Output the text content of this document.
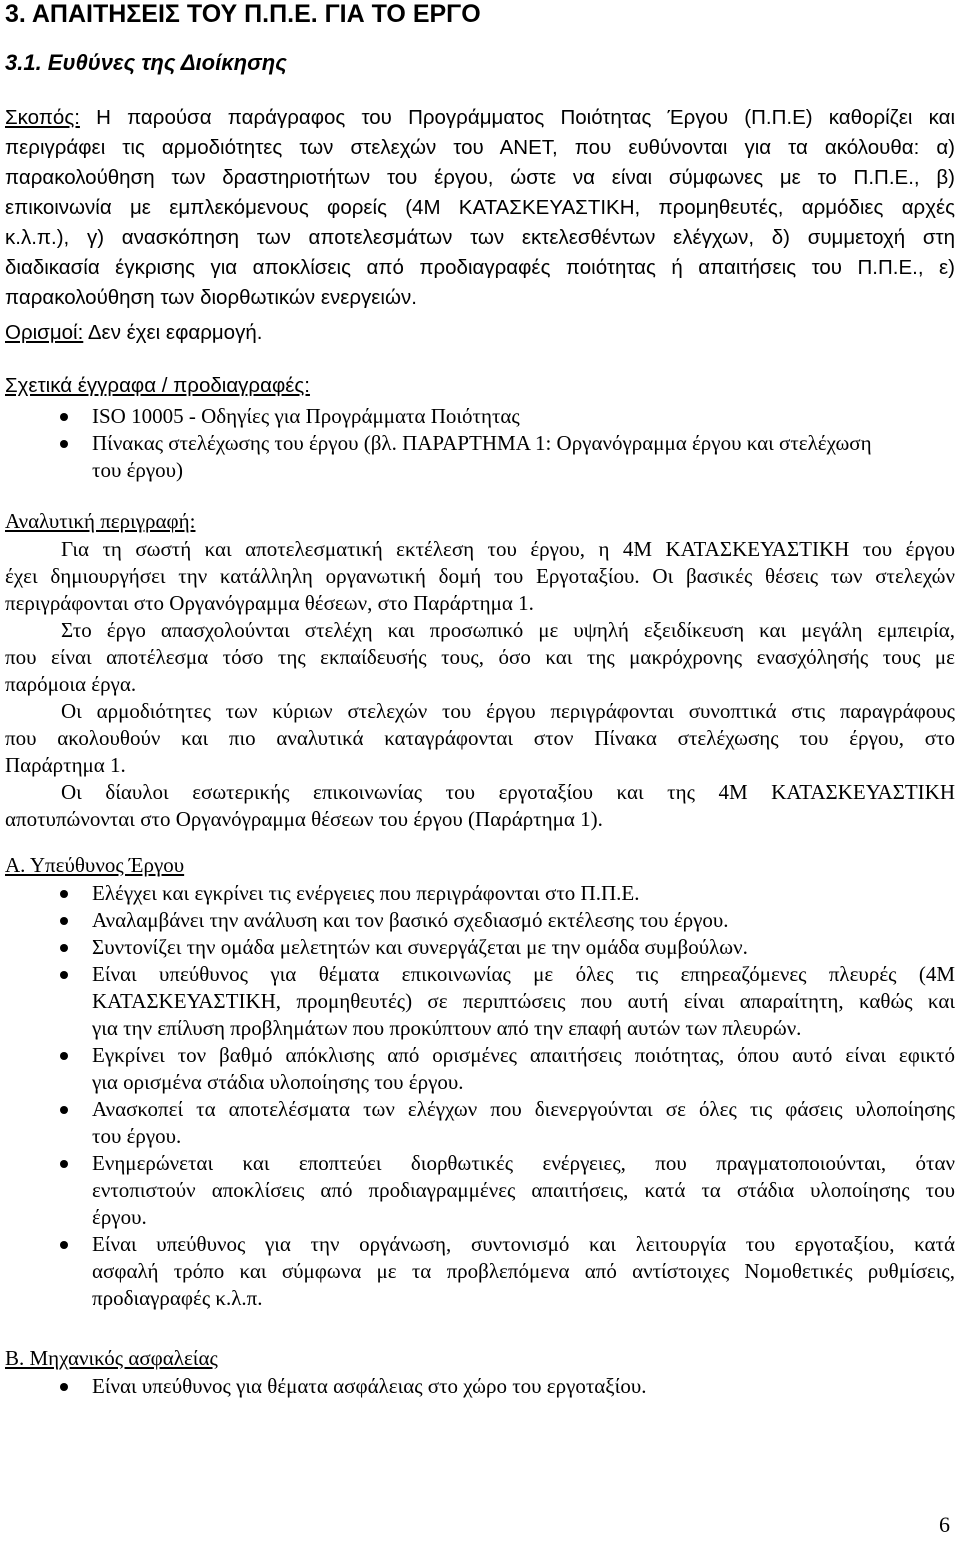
3. ΑΠΑΙΤΗΣΕΙΣ ΤΟΥ Π.Π.Ε. ΓΙΑ ΤΟ ΕΡΓΟ
3.1. Ευθύνες της Διοίκησης
Σκοπός: Η παρούσα παράγραφος του Προγράμματος Ποιότητας Έργου (Π.Π.Ε) καθορίζει και
περιγράφει τις αρμοδιότητες των στελεχών του ΑΝΕΤ, που ευθύνονται για τα ακόλουθα: α)
παρακολούθηση των δραστηριοτήτων του έργου, ώστε να είναι σύμφωνες με το Π.Π.Ε., β)
επικοινωνία με εμπλεκόμενους φορείς (4Μ ΚΑΤΑΣΚΕΥΑΣΤΙΚΗ, προμηθευτές, αρμόδιες αρχές
κ.λ.π.), γ) ανασκόπηση των αποτελεσμάτων των εκτελεσθέντων ελέγχων, δ) συμμετοχή στη
διαδικασία έγκρισης για αποκλίσεις από προδιαγραφές ποιότητας ή απαιτήσεις του Π.Π.Ε., ε)
παρακολούθηση των διορθωτικών ενεργειών.
Ορισμοί: Δεν έχει εφαρμογή.
Σχετικά έγγραφα / προδιαγραφές:
ISO 10005 - Οδηγίες για Προγράμματα Ποιότητας
Πίνακας στελέχωσης του έργου (βλ. ΠΑΡΑΡΤΗΜΑ 1: Οργανόγραμμα έργου και στελέχωση
του έργου)
Αναλυτική περιγραφή:
Για τη σωστή και αποτελεσματική εκτέλεση του έργου, η 4Μ ΚΑΤΑΣΚΕΥΑΣΤΙΚΗ του έργου
έχει δημιουργήσει την κατάλληλη οργανωτική δομή του Εργοταξίου. Οι βασικές θέσεις των στελεχών
περιγράφονται στο Οργανόγραμμα θέσεων, στο Παράρτημα 1.
Στο έργο απασχολούνται στελέχη και προσωπικό με υψηλή εξειδίκευση και μεγάλη εμπειρία,
που είναι αποτέλεσμα τόσο της εκπαίδευσής τους, όσο και της μακρόχρονης ενασχόλησής τους με
παρόμοια έργα.
Οι αρμοδιότητες των κύριων στελεχών του έργου περιγράφονται συνοπτικά στις παραγράφους
που ακολουθούν και πιο αναλυτικά καταγράφονται στον Πίνακα στελέχωσης του έργου, στο
Παράρτημα 1.
Οι δίαυλοι εσωτερικής επικοινωνίας του εργοταξίου και της 4Μ ΚΑΤΑΣΚΕΥΑΣΤΙΚΗ
αποτυπώνονται στο Οργανόγραμμα θέσεων του έργου (Παράρτημα 1).
Α. Υπεύθυνος Έργου
Ελέγχει και εγκρίνει τις ενέργειες που περιγράφονται στο Π.Π.Ε.
Αναλαμβάνει την ανάλυση και τον βασικό σχεδιασμό εκτέλεσης του έργου.
Συντονίζει την ομάδα μελετητών και συνεργάζεται με την ομάδα συμβούλων.
Είναι υπεύθυνος για θέματα επικοινωνίας με όλες τις επηρεαζόμενες πλευρές (4Μ
ΚΑΤΑΣΚΕΥΑΣΤΙΚΗ, προμηθευτές) σε περιπτώσεις που αυτή είναι απαραίτητη, καθώς και
για την επίλυση προβλημάτων που προκύπτουν από την επαφή αυτών των πλευρών.
Εγκρίνει τον βαθμό απόκλισης από ορισμένες απαιτήσεις ποιότητας, όπου αυτό είναι εφικτό
για ορισμένα στάδια υλοποίησης του έργου.
Ανασκοπεί τα αποτελέσματα των ελέγχων που διενεργούνται σε όλες τις φάσεις υλοποίησης
του έργου.
Ενημερώνεται και εποπτεύει διορθωτικές ενέργειες, που πραγματοποιούνται, όταν
εντοπιστούν αποκλίσεις από προδιαγραμμένες απαιτήσεις, κατά τα στάδια υλοποίησης του
έργου.
Είναι υπεύθυνος για την οργάνωση, συντονισμό και λειτουργία του εργοταξίου, κατά
ασφαλή τρόπο και σύμφωνα με τα προβλεπόμενα από αντίστοιχες Νομοθετικές ρυθμίσεις,
προδιαγραφές κ.λ.π.
Β. Μηχανικός ασφαλείας
Είναι υπεύθυνος για θέματα ασφάλειας στο χώρο του εργοταξίου.
6
